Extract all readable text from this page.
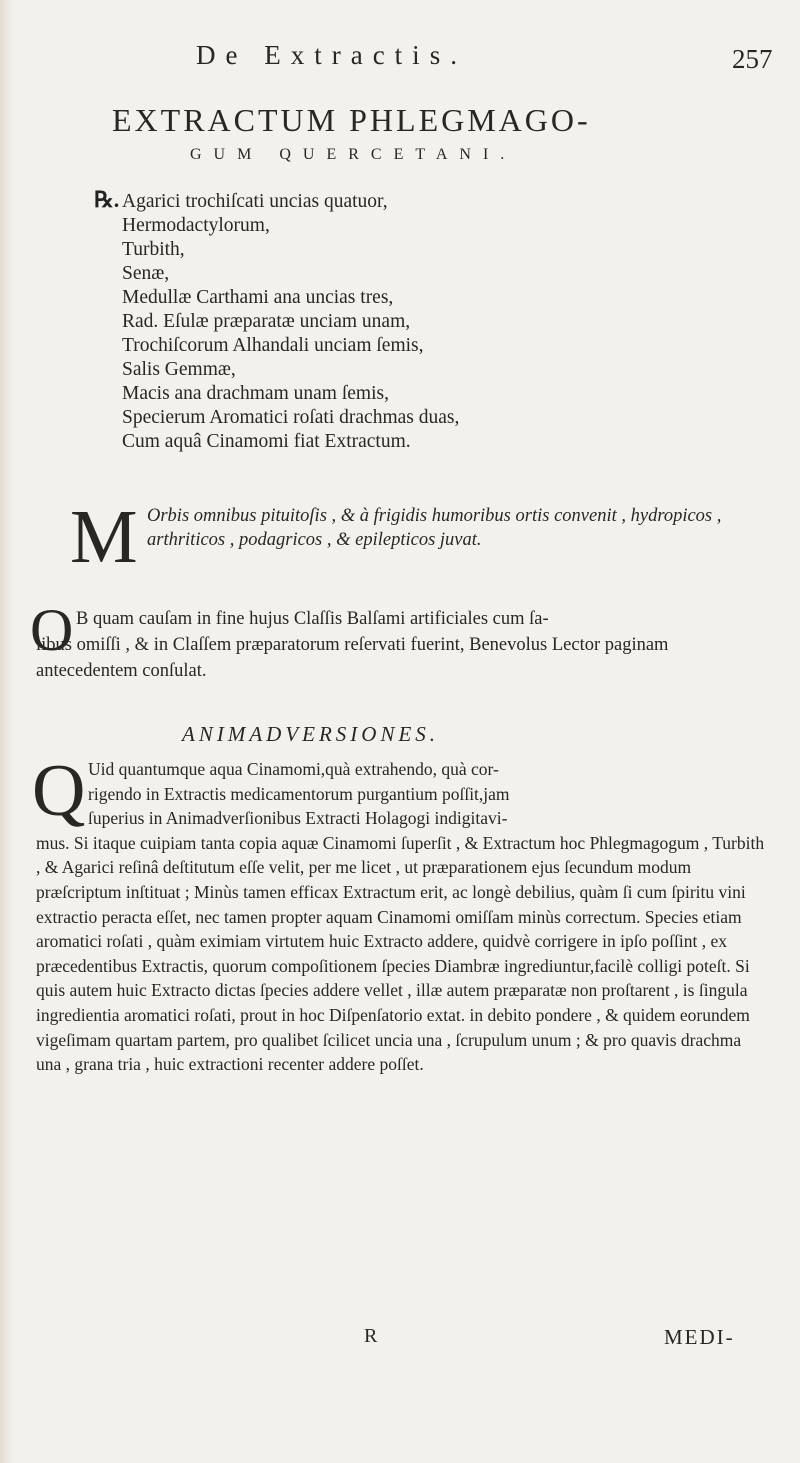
De Extractis.	257
EXTRACTUM PHLEGMAGO-
GUM QUERCETANI.
℞. Agarici trochiſcati uncias quatuor,
Hermodactylorum,
Turbith,
Senæ,
Medullæ Carthami ana uncias tres,
Rad. Eſulæ præparatæ unciam unam,
Trochiſcorum Alhandali unciam ſemis,
Salis Gemmæ,
Macis ana drachmam unam ſemis,
Specierum Aromatici roſati drachmas duas,
Cum aquâ Cinamomi fiat Extractum.
M Orbis omnibus pituitoſis , & à frigidis humoribus ortis convenit , hydropicos , arthriticos , podagricos , & epilepticos juvat.

O B quam cauſam in fine hujus Claſſis Balſami artificiales cum ſa-
libus omiſſi , & in Claſſem præparatorum reſervati fuerint, Benevolus Lector paginam antecedentem conſulat.

ANIMADVERSIONES.
Q Uid quantumque aqua Cinamomi,quà extrahendo, quà cor-
rigendo in Extractis medicamentorum purgantium poſſit,jam
ſuperius in Animadverſionibus Extracti Holagogi indigitavi-
mus. Si itaque cuipiam tanta copia aquæ Cinamomi ſuperſit , & Extractum hoc Phlegmagogum , Turbith , & Agarici reſinâ deſtitutum eſſe velit, per me licet , ut præparationem ejus ſecundum modum præſcriptum inſtituat ; Minùs tamen efficax Extractum erit, ac longè debilius, quàm ſi cum ſpiritu vini extractio peracta eſſet, nec tamen propter aquam Cinamomi omiſſam minùs correctum. Species etiam aromatici roſati , quàm eximiam virtutem huic Extracto addere, quidvè corrigere in ipſo poſſint , ex præcedentibus Extractis, quorum compoſitionem ſpecies Diambræ ingrediuntur,facilè colligi poteſt. Si quis autem huic Extracto dictas ſpecies addere vellet , illæ autem præparatæ non proſtarent , is ſingula ingredientia aromatici roſati, prout in hoc Diſpenſatorio extat. in debito pondere , & quidem eorundem vigeſimam quartam partem, pro qualibet ſcilicet uncia una , ſcrupulum unum ; & pro quavis drachma una , grana tria , huic extractioni recenter addere poſſet.

R	MEDI-
